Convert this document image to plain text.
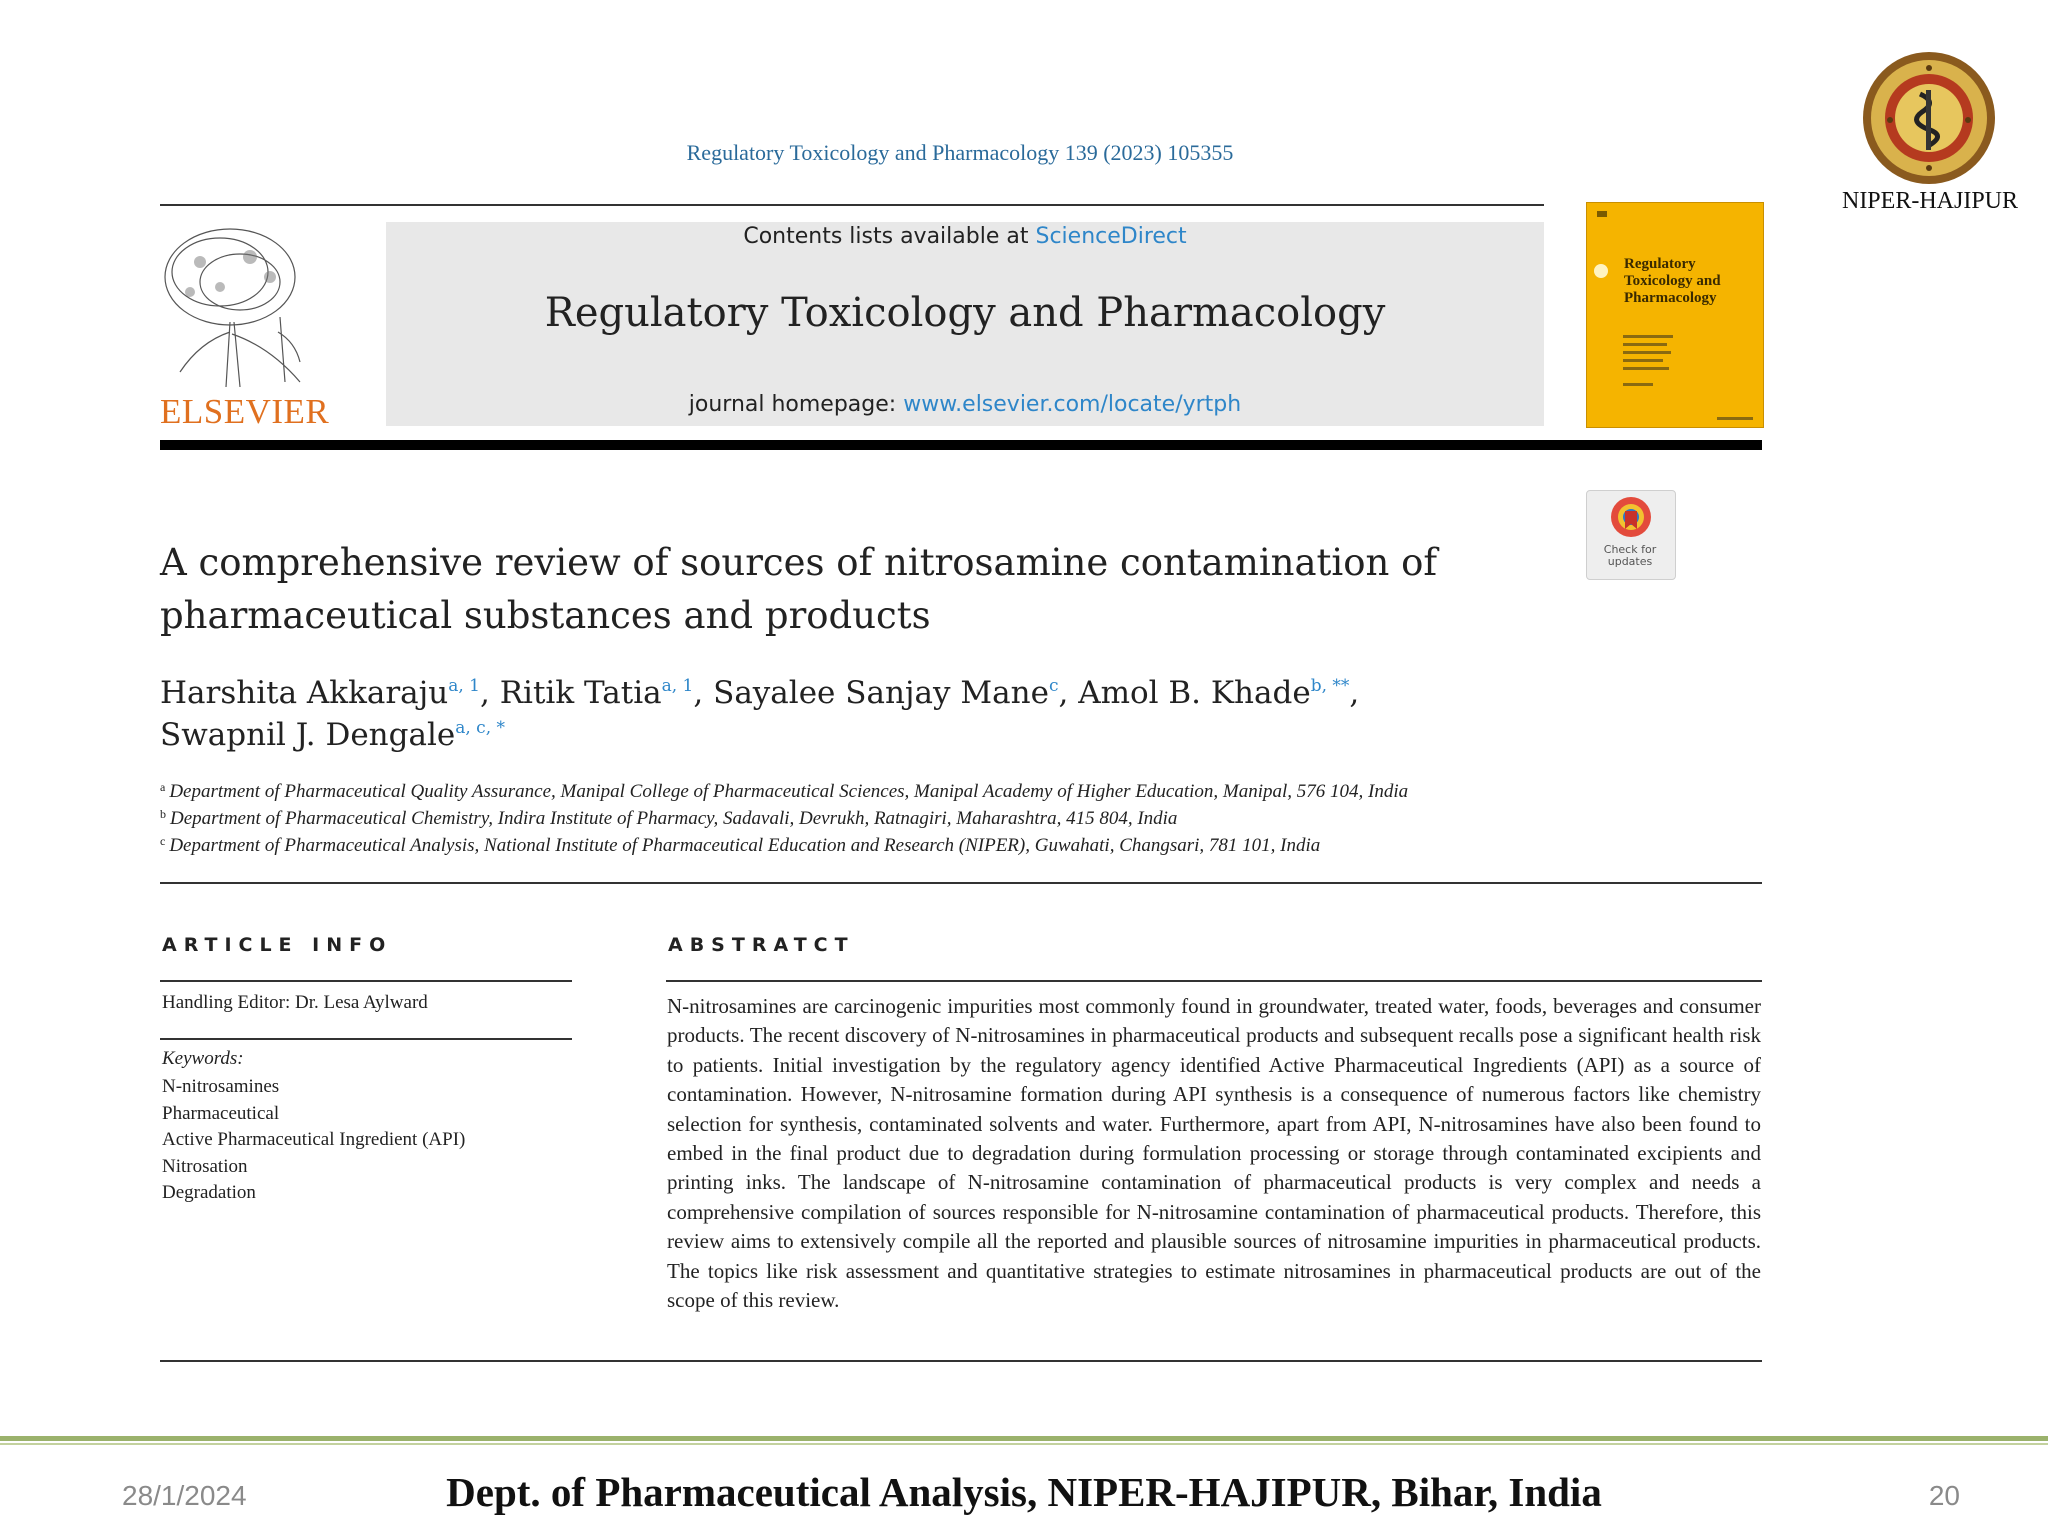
NIPER-HAJIPUR
Regulatory Toxicology and Pharmacology 139 (2023) 105355
ELSEVIER
Contents lists available at ScienceDirect
Regulatory Toxicology and Pharmacology
journal homepage: www.elsevier.com/locate/yrtph
Regulatory Toxicology and Pharmacology
Check for updates
A comprehensive review of sources of nitrosamine contamination of pharmaceutical substances and products
Harshita Akkaraju$^{a, 1}$, Ritik Tatia$^{a, 1}$, Sayalee Sanjay Mane$^c$, Amol B. Khade$^{b, **}$, Swapnil J. Dengale$^{a, c, *}$
$^a$ Department of Pharmaceutical Quality Assurance, Manipal College of Pharmaceutical Sciences, Manipal Academy of Higher Education, Manipal, 576 104, India
$^b$ Department of Pharmaceutical Chemistry, Indira Institute of Pharmacy, Sadavali, Devrukh, Ratnagiri, Maharashtra, 415 804, India
$^c$ Department of Pharmaceutical Analysis, National Institute of Pharmaceutical Education and Research (NIPER), Guwahati, Changsari, 781 101, India
ARTICLE INFO	ABSTRATCT
Handling Editor: Dr. Lesa Aylward
Keywords:
N-nitrosamines
Pharmaceutical
Active Pharmaceutical Ingredient (API)
Nitrosation
Degradation
N-nitrosamines are carcinogenic impurities most commonly found in groundwater, treated water, foods, beverages and consumer products. The recent discovery of N-nitrosamines in pharmaceutical products and subsequent recalls pose a significant health risk to patients. Initial investigation by the regulatory agency identified Active Pharmaceutical Ingredients (API) as a source of contamination. However, N-nitrosamine formation during API synthesis is a consequence of numerous factors like chemistry selection for synthesis, contaminated solvents and water. Furthermore, apart from API, N-nitrosamines have also been found to embed in the final product due to degradation during formulation processing or storage through contaminated excipients and printing inks. The landscape of N-nitrosamine contamination of pharmaceutical products is very complex and needs a comprehensive compilation of sources responsible for N-nitrosamine contamination of pharmaceutical products. Therefore, this review aims to extensively compile all the reported and plausible sources of nitrosamine impurities in pharmaceutical products. The topics like risk assessment and quantitative strategies to estimate nitrosamines in pharmaceutical products are out of the scope of this review.
28/1/2024	Dept. of Pharmaceutical Analysis, NIPER-HAJIPUR, Bihar, India	20
